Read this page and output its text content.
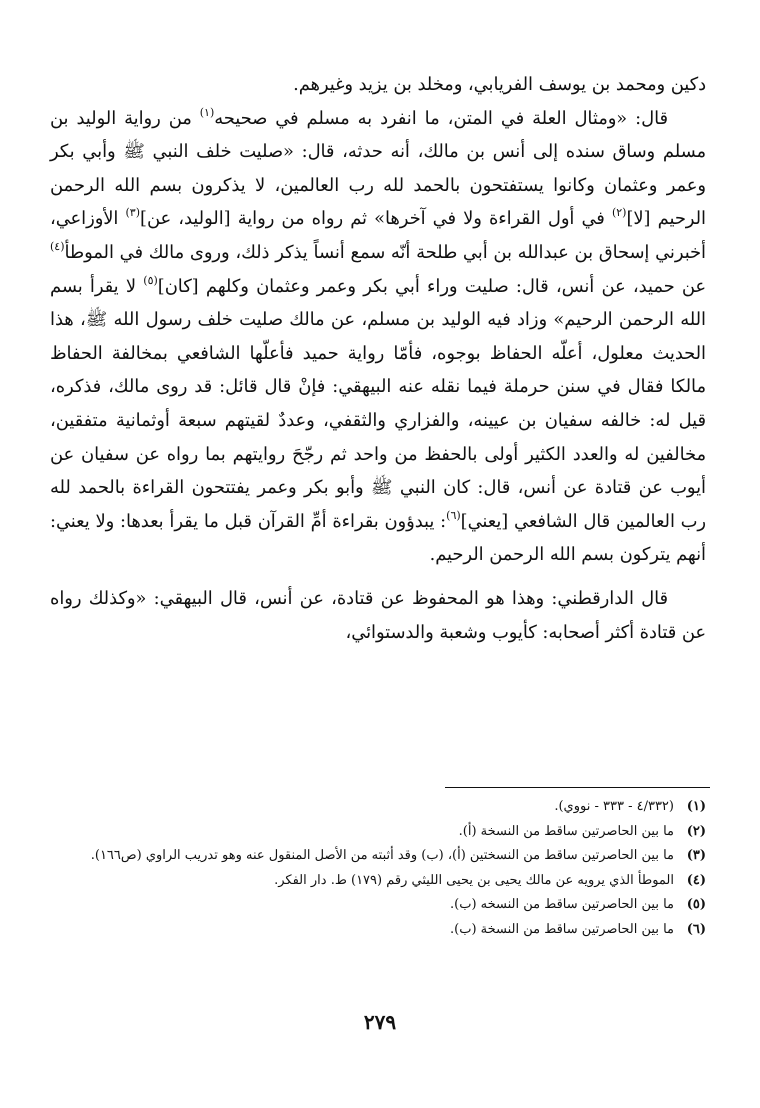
دكين ومحمد بن يوسف الفريابي، ومخلد بن يزيد وغيرهم.

قال: «ومثال العلة في المتن، ما انفرد به مسلم في صحيحه$^{(١)}$ من رواية الوليد بن مسلم وساق سنده إلى أنس بن مالك، أنه حدثه، قال: «صليت خلف النبي ﷺ وأبي بكر وعمر وعثمان وكانوا يستفتحون بالحمد لله رب العالمين، لا يذكرون بسم الله الرحمن الرحيم [لا]$^{(٢)}$ في أول القراءة ولا في آخرها» ثم رواه من رواية [الوليد، عن]$^{(٣)}$ الأوزاعي، أخبرني إسحاق بن عبدالله بن أبي طلحة أنّه سمع أنساً يذكر ذلك، وروى مالك في الموطأ$^{(٤)}$ عن حميد، عن أنس، قال: صليت وراء أبي بكر وعمر وعثمان وكلهم [كان]$^{(٥)}$ لا يقرأ بسم الله الرحمن الرحيم» وزاد فيه الوليد بن مسلم، عن مالك صليت خلف رسول الله ﷺ، هذا الحديث معلول، أعلّه الحفاظ بوجوه، فأمّا رواية حميد فأعلّها الشافعي بمخالفة الحفاظ مالكا فقال في سنن حرملة فيما نقله عنه البيهقي: فإنْ قال قائل: قد روى مالك، فذكره، قيل له: خالفه سفيان بن عيينه، والفزاري والثقفي، وعددٌ لقيتهم سبعة أوثمانية متفقين، مخالفين له والعدد الكثير أولى بالحفظ من واحد ثم رجّحَ روايتهم بما رواه عن سفيان عن أيوب عن قتادة عن أنس، قال: كان النبي ﷺ وأبو بكر وعمر يفتتحون القراءة بالحمد لله رب العالمين قال الشافعي [يعني]$^{(٦)}$: يبدؤون بقراءة أمِّ القرآن قبل ما يقرأ بعدها: ولا يعني: أنهم يتركون بسم الله الرحمن الرحيم.

قال الدارقطني: وهذا هو المحفوظ عن قتادة، عن أنس، قال البيهقي: «وكذلك رواه عن قتادة أكثر أصحابه: كأيوب وشعبة والدستوائي،

(١)
(٤/٣٣٢ - ٣٣٣ - نووي).
(٢)
ما بين الحاصرتين ساقط من النسخة (أ).
(٣)
ما بين الحاصرتين ساقط من النسختين (أ)، (ب) وقد أثبته من الأصل المنقول عنه وهو تدريب الراوي (ص١٦٦).
(٤)
الموطأ الذي يرويه عن مالك يحيى بن يحيى الليثي رقم (١٧٩) ط. دار الفكر.
(٥)
ما بين الحاصرتين ساقط من النسخه (ب).
(٦)
ما بين الحاصرتين ساقط من النسخة (ب).
٢٧٩
